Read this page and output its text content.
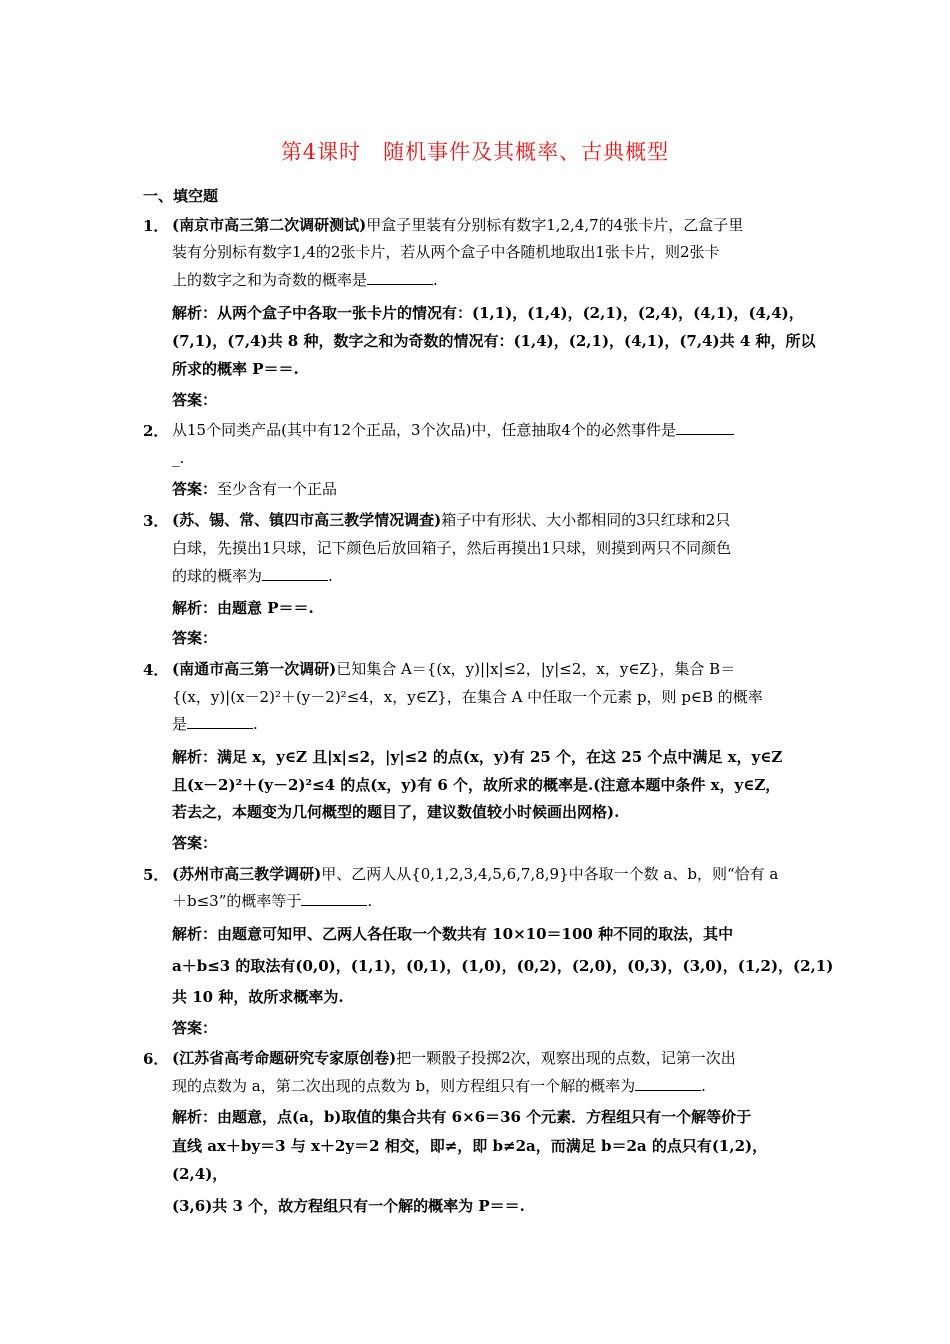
第4课时　随机事件及其概率、古典概型
一、填空题
1． (南京市高三第二次调研测试)甲盒子里装有分别标有数字1,2,4,7的4张卡片，乙盒子里
装有分别标有数字1,4的2张卡片，若从两个盒子中各随机地取出1张卡片，则2张卡
上的数字之和为奇数的概率是	.
解析：从两个盒子中各取一张卡片的情况有：(1,1)，(1,4)，(2,1)，(2,4)，(4,1)，(4,4)，
(7,1)，(7,4)共 8 种，数字之和为奇数的情况有：(1,4)，(2,1)，(4,1)，(7,4)共 4 种，所以
所求的概率 P＝＝.
答案：
2． 从15个同类产品(其中有12个正品，3个次品)中，任意抽取4个的必然事件是
_.
答案：至少含有一个正品
3． (苏、锡、常、镇四市高三教学情况调查)箱子中有形状、大小都相同的3只红球和2只
白球，先摸出1只球，记下颜色后放回箱子，然后再摸出1只球，则摸到两只不同颜色
的球的概率为	.
解析：由题意 P＝＝.
答案：
4． (南通市高三第一次调研)已知集合 A＝{(x，y)||x|≤2，|y|≤2，x，y∈Z}，集合 B＝
{(x，y)|(x－2)²＋(y－2)²≤4，x，y∈Z}，在集合 A 中任取一个元素 p，则 p∈B 的概率
是	.
解析：满足 x，y∈Z 且|x|≤2，|y|≤2 的点(x，y)有 25 个，在这 25 个点中满足 x，y∈Z
且(x－2)²＋(y－2)²≤4 的点(x，y)有 6 个，故所求的概率是.(注意本题中条件 x，y∈Z，
若去之，本题变为几何概型的题目了，建议数值较小时候画出网格).
答案：
5． (苏州市高三教学调研)甲、乙两人从{0,1,2,3,4,5,6,7,8,9}中各取一个数 a、b，则“恰有 a
＋b≤3”的概率等于	.
解析：由题意可知甲、乙两人各任取一个数共有 10×10＝100 种不同的取法，其中
a＋b≤3 的取法有(0,0)，(1,1)，(0,1)，(1,0)，(0,2)，(2,0)，(0,3)，(3,0)，(1,2)，(2,1)
共 10 种，故所求概率为.
答案：
6． (江苏省高考命题研究专家原创卷)把一颗骰子投掷2次，观察出现的点数，记第一次出
现的点数为 a，第二次出现的点数为 b，则方程组只有一个解的概率为	.
解析：由题意，点(a，b)取值的集合共有 6×6＝36 个元素．方程组只有一个解等价于
直线 ax＋by＝3 与 x＋2y＝2 相交，即≠，即 b≠2a，而满足 b＝2a 的点只有(1,2)，
(2,4)，
(3,6)共 3 个，故方程组只有一个解的概率为 P＝＝.
